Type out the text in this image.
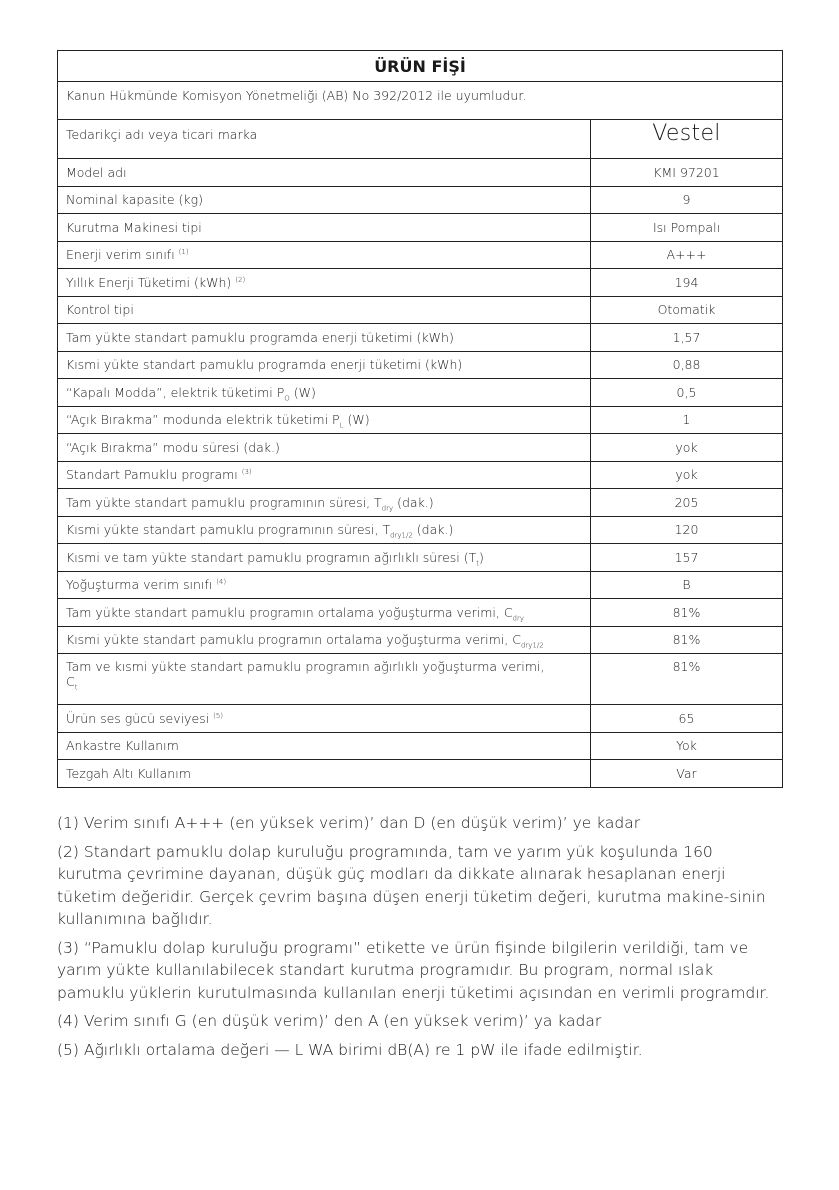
ÜRÜN FİŞİ	
Kanun Hükmünde Komisyon Yönetmeliği (AB) No 392/2012 ile uyumludur.	
Tedarikçi adı veya ticari marka	Vestel
Model adı	KMI 97201
Nominal kapasite (kg)	9
Kurutma Makinesi tipi	Isı Pompalı
Enerji verim sınıfı $^{(1)}$	A+++
Yıllık Enerji Tüketimi (kWh) $^{(2)}$	194
Kontrol tipi	Otomatik
Tam yükte standart pamuklu programda enerji tüketimi (kWh)	1,57
Kısmi yükte standart pamuklu programda enerji tüketimi (kWh)	0,88
“Kapalı Modda”, elektrik tüketimi $P_O$ (W)	0,5
“Açık Bırakma” modunda elektrik tüketimi $P_L$ (W)	1
“Açık Bırakma” modu süresi (dak.)	yok
Standart Pamuklu programı $^{(3)}$	yok
Tam yükte standart pamuklu programının süresi, $T_{dry}$ (dak.)	205
Kısmi yükte standart pamuklu programının süresi, $T_{dry1/2}$ (dak.)	120
Kısmi ve tam yükte standart pamuklu programın ağırlıklı süresi $(T_t)$	157
Yoğuşturma verim sınıfı $^{(4)}$	B
Tam yükte standart pamuklu programın ortalama yoğuşturma verimi, $C_{dry}$	81%
Kısmi yükte standart pamuklu programın ortalama yoğuşturma verimi, $C_{dry1/2}$	81%
Tam ve kısmi yükte standart pamuklu programın ağırlıklı yoğuşturma verimi,
$C_t$	81%
Ürün ses gücü seviyesi $^{(5)}$	65
Ankastre Kullanım	Yok
Tezgah Altı Kullanım	Var

(1) Verim sınıfı A+++ (en yüksek verim)’ dan D (en düşük verim)’ ye kadar

(2) Standart pamuklu dolap kuruluğu programında, tam ve yarım yük koşulunda 160 kurutma çevrimine dayanan, düşük güç modları da dikkate alınarak hesaplanan enerji tüketim değeridir. Gerçek çevrim başına düşen enerji tüketim değeri, kurutma makine-sinin kullanımına bağlıdır.

(3) “Pamuklu dolap kuruluğu programı” etikette ve ürün fişinde bilgilerin verildiği, tam ve yarım yükte kullanılabilecek standart kurutma programıdır. Bu program, normal ıslak pamuklu yüklerin kurutulmasında kullanılan enerji tüketimi açısından en verimli programdır.

(4) Verim sınıfı G (en düşük verim)’ den A (en yüksek verim)’ ya kadar

(5) Ağırlıklı ortalama değeri — L WA birimi dB(A) re 1 pW ile ifade edilmiştir.
